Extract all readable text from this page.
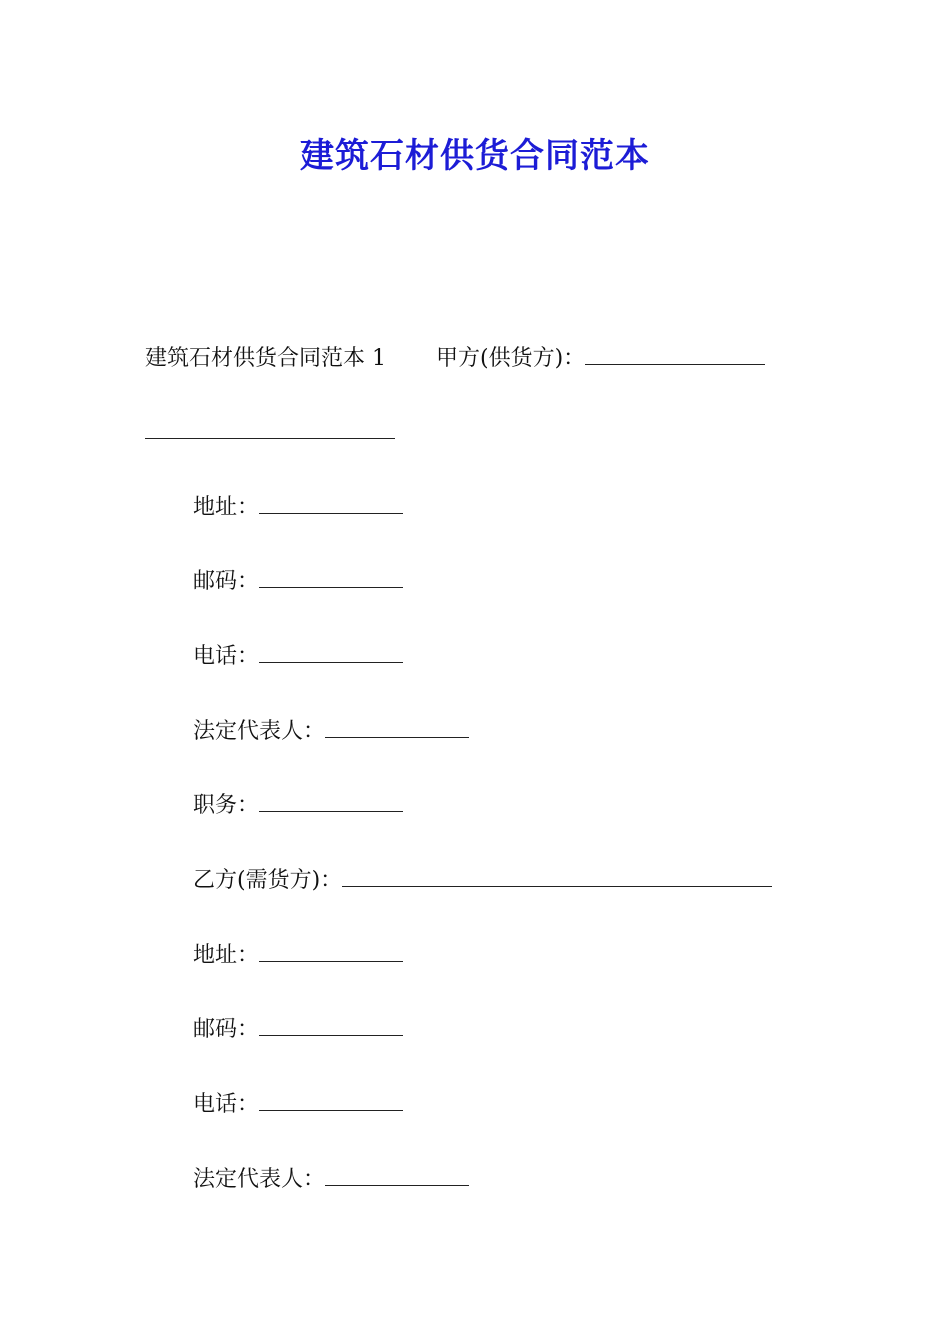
建筑石材供货合同范本
建筑石材供货合同范本 1 甲方(供货方)：
地址：
邮码：
电话：
法定代表人：
职务：
乙方(需货方)：
地址：
邮码：
电话：
法定代表人：
